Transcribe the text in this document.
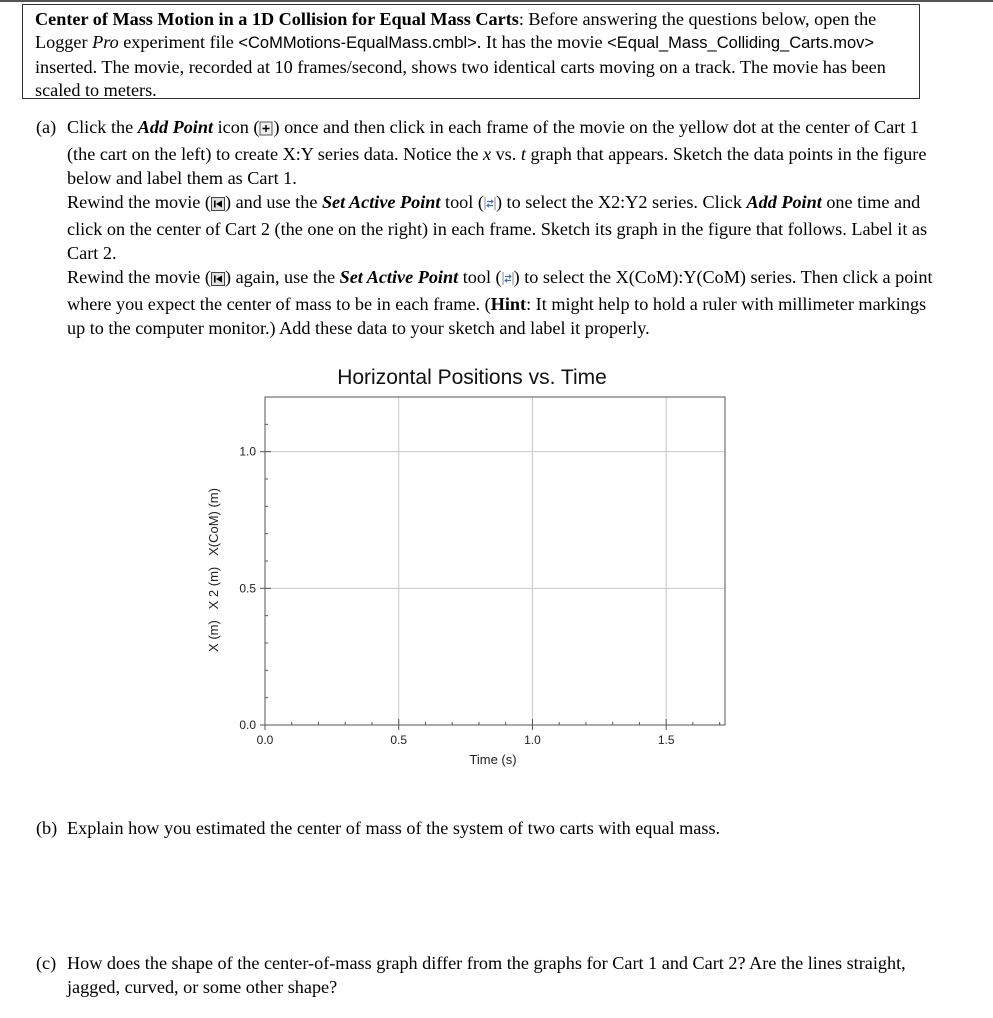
Center of Mass Motion in a 1D Collision for Equal Mass Carts: Before answering the questions below, open the Logger Pro experiment file <CoMMotions-EqualMass.cmbl>. It has the movie <Equal_Mass_Colliding_Carts.mov> inserted. The movie, recorded at 10 frames/second, shows two identical carts moving on a track. The movie has been scaled to meters.

(a) Click the Add Point icon ( ) once and then click in each frame of the movie on the yellow dot at the center of Cart 1 (the cart on the left) to create X:Y series data. Notice the x vs. t graph that appears. Sketch the data points in the figure below and label them as Cart 1.

Rewind the movie ( ) and use the Set Active Point tool ( ) to select the X2:Y2 series. Click Add Point one time and click on the center of Cart 2 (the one on the right) in each frame. Sketch its graph in the figure that follows. Label it as Cart 2.

Rewind the movie ( ) again, use the Set Active Point tool ( ) to select the X(CoM):Y(CoM) series. Then click a point where you expect the center of mass to be in each frame. (Hint: It might help to hold a ruler with millimeter markings up to the computer monitor.) Add these data to your sketch and label it properly.

Horizontal Positions vs. Time
0.0	0.5	1.0	1.5
0.0
0.5
1.0
Time (s)
X (m)   X 2 (m)   X(CoM) (m)
(b) Explain how you estimated the center of mass of the system of two carts with equal mass.
(c) How does the shape of the center-of-mass graph differ from the graphs for Cart 1 and Cart 2? Are the lines straight, jagged, curved, or some other shape?
